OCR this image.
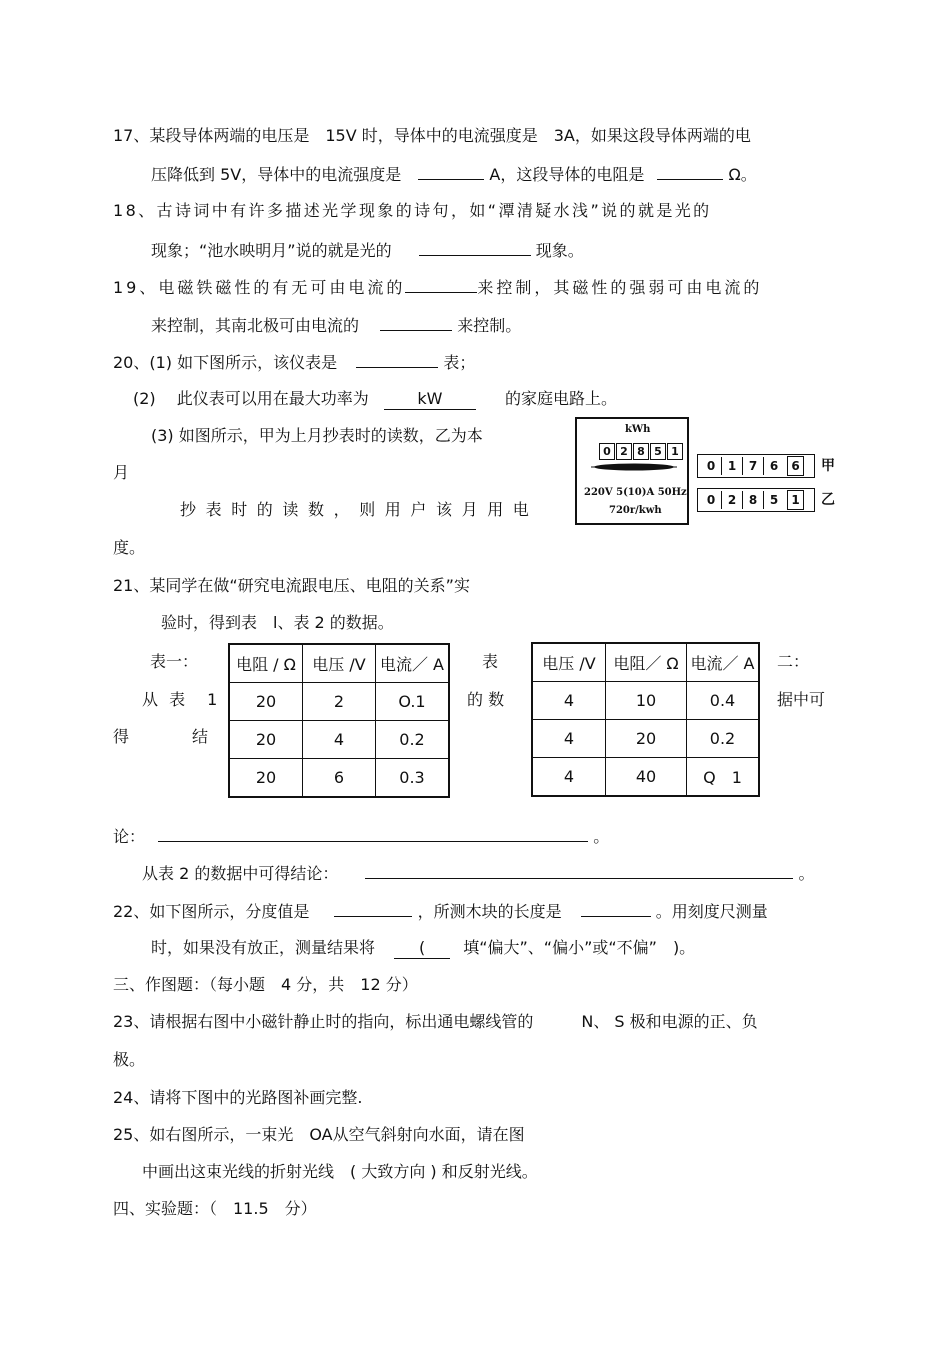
17、某段导体两端的电压是　15V 时，导体中的电流强度是　3A，如果这段导体两端的电
压降低到 5V，导体中的电流强度是	A，这段导体的电阻是	Ω。
18、古诗词中有许多描述光学现象的诗句，如“潭清疑水浅”说的就是光的
现象；“池水映明月”说的就是光的	现象。
19、电磁铁磁性的有无可由电流的	来控制，其磁性的强弱可由电流的
来控制，其南北极可由电流的	来控制。
20、(1) 如下图所示，该仪表是	表；
(2)　 此仪表可以用在最大功率为	kW	的家庭电路上。
(3) 如图所示，甲为上月抄表时的读数，乙为本
月
抄表时的读数，则用户该月用电
度。
kWh
0 2 8 5 1
220V 5(10)A 50Hz
720r/kwh
0	1	7	6	6	甲
0	2	8	5	1	乙
21、某同学在做“研究电流跟电压、电阻的关系”实
验时，得到表　l、表 2 的数据。
表一：
从 表　1
得	结
表
的 数
二：
据中可
电阻 / Ω	电压 /V	电流／ A
20	2	O.1
20	4	0.2
20	6	0.3
电压 /V	电阻／ Ω	电流／ A
4	10	0.4
4	20	0.2
4	40	Q　1
论：	。
从表 2 的数据中可得结论：	。
22、如下图所示，分度值是	，所测木块的长度是	。用刻度尺测量
时，如果没有放正，测量结果将	( 填“偏大”、“偏小”或“不偏”　)。
三、作图题：（每小题　4 分，共　12 分）
23、请根据右图中小磁针静止时的指向，标出通电螺线管的　　　N、 S 极和电源的正、负
极。
24、请将下图中的光路图补画完整.
25、如右图所示，一束光　OA从空气斜射向水面，请在图
中画出这束光线的折射光线　( 大致方向 ) 和反射光线。
四、实验题：（　11.5　分）
